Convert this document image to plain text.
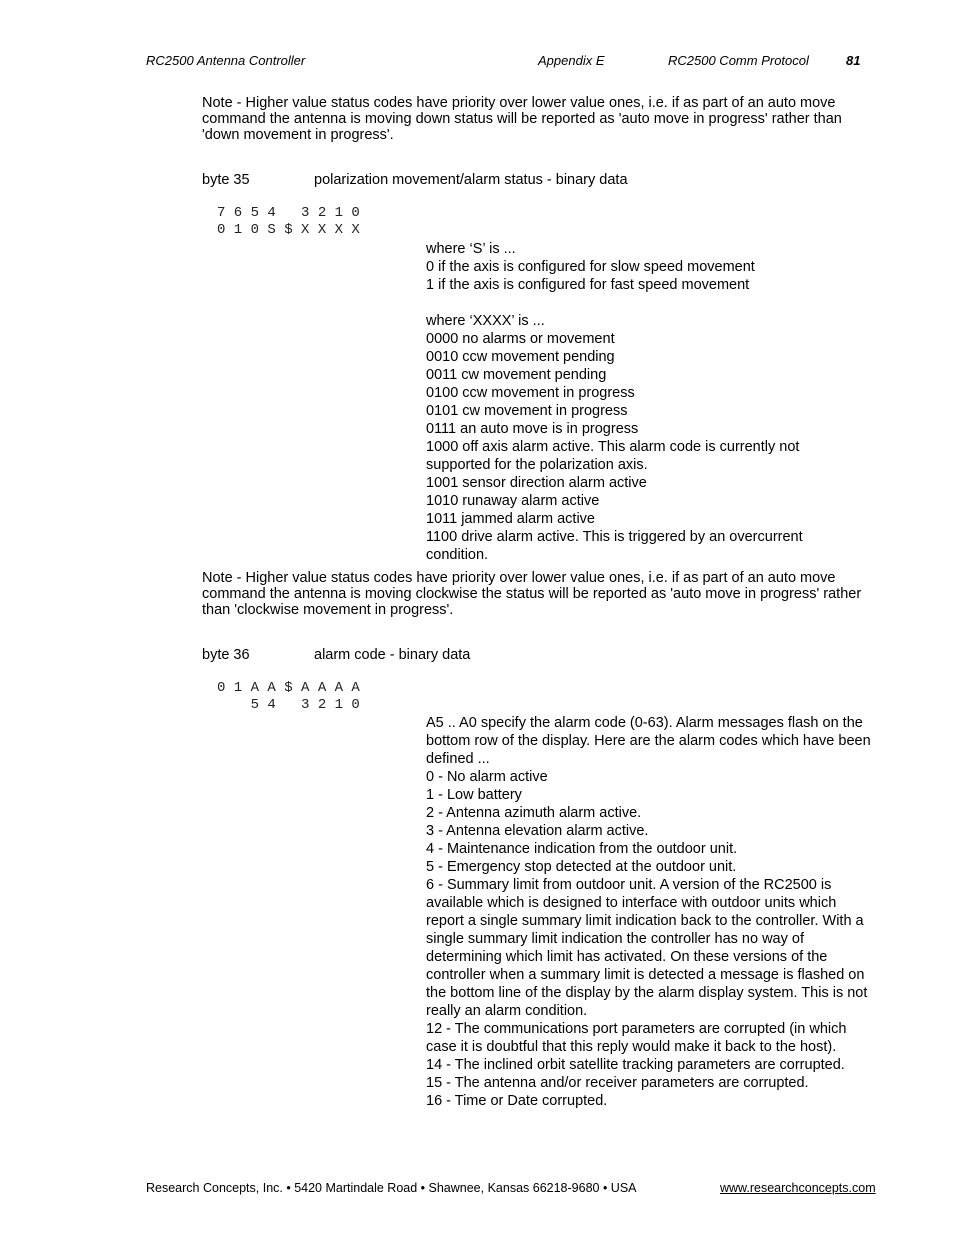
RC2500 Antenna Controller	Appendix E	RC2500 Comm Protocol	81
Note - Higher value status codes have priority over lower value ones, i.e. if as part of an auto move command the antenna is moving down status will be reported as 'auto move in progress' rather than 'down movement in progress'.
byte 35	polarization movement/alarm status - binary data
7 6 5 4   3 2 1 0
0 1 0 S $ X X X X
where ‘S’ is ...
0 if the axis is configured for slow speed movement
1 if the axis is configured for fast speed movement
where ‘XXXX’ is ...
0000 no alarms or movement
0010 ccw movement pending
0011 cw movement pending
0100 ccw movement in progress
0101 cw movement in progress
0111 an auto move is in progress
1000 off axis alarm active. This alarm code is currently not supported for the polarization axis.
1001 sensor direction alarm active
1010 runaway alarm active
1011 jammed alarm active
1100 drive alarm active. This is triggered by an overcurrent condition.
Note - Higher value status codes have priority over lower value ones, i.e. if as part of an auto move command the antenna is moving clockwise the status will be reported as 'auto move in progress' rather than 'clockwise movement in progress'.
byte 36	alarm code - binary data
0 1 A A $ A A A A
5 4   3 2 1 0
A5 .. A0 specify the alarm code (0-63). Alarm messages flash on the bottom row of the display. Here are the alarm codes which have been defined ...
0 - No alarm active
1 - Low battery
2 - Antenna azimuth alarm active.
3 - Antenna elevation alarm active.
4 - Maintenance indication from the outdoor unit.
5 - Emergency stop detected at the outdoor unit.
6 - Summary limit from outdoor unit. A version of the RC2500 is available which is designed to interface with outdoor units which report a single summary limit indication back to the controller. With a single summary limit indication the controller has no way of determining which limit has activated. On these versions of the controller when a summary limit is detected a message is flashed on the bottom line of the display by the alarm display system. This is not really an alarm condition.
12 - The communications port parameters are corrupted (in which case it is doubtful that this reply would make it back to the host).
14 - The inclined orbit satellite tracking parameters are corrupted.
15 - The antenna and/or receiver parameters are corrupted.
16 - Time or Date corrupted.
Research Concepts, Inc. • 5420 Martindale Road • Shawnee, Kansas 66218-9680 • USA	www.researchconcepts.com
